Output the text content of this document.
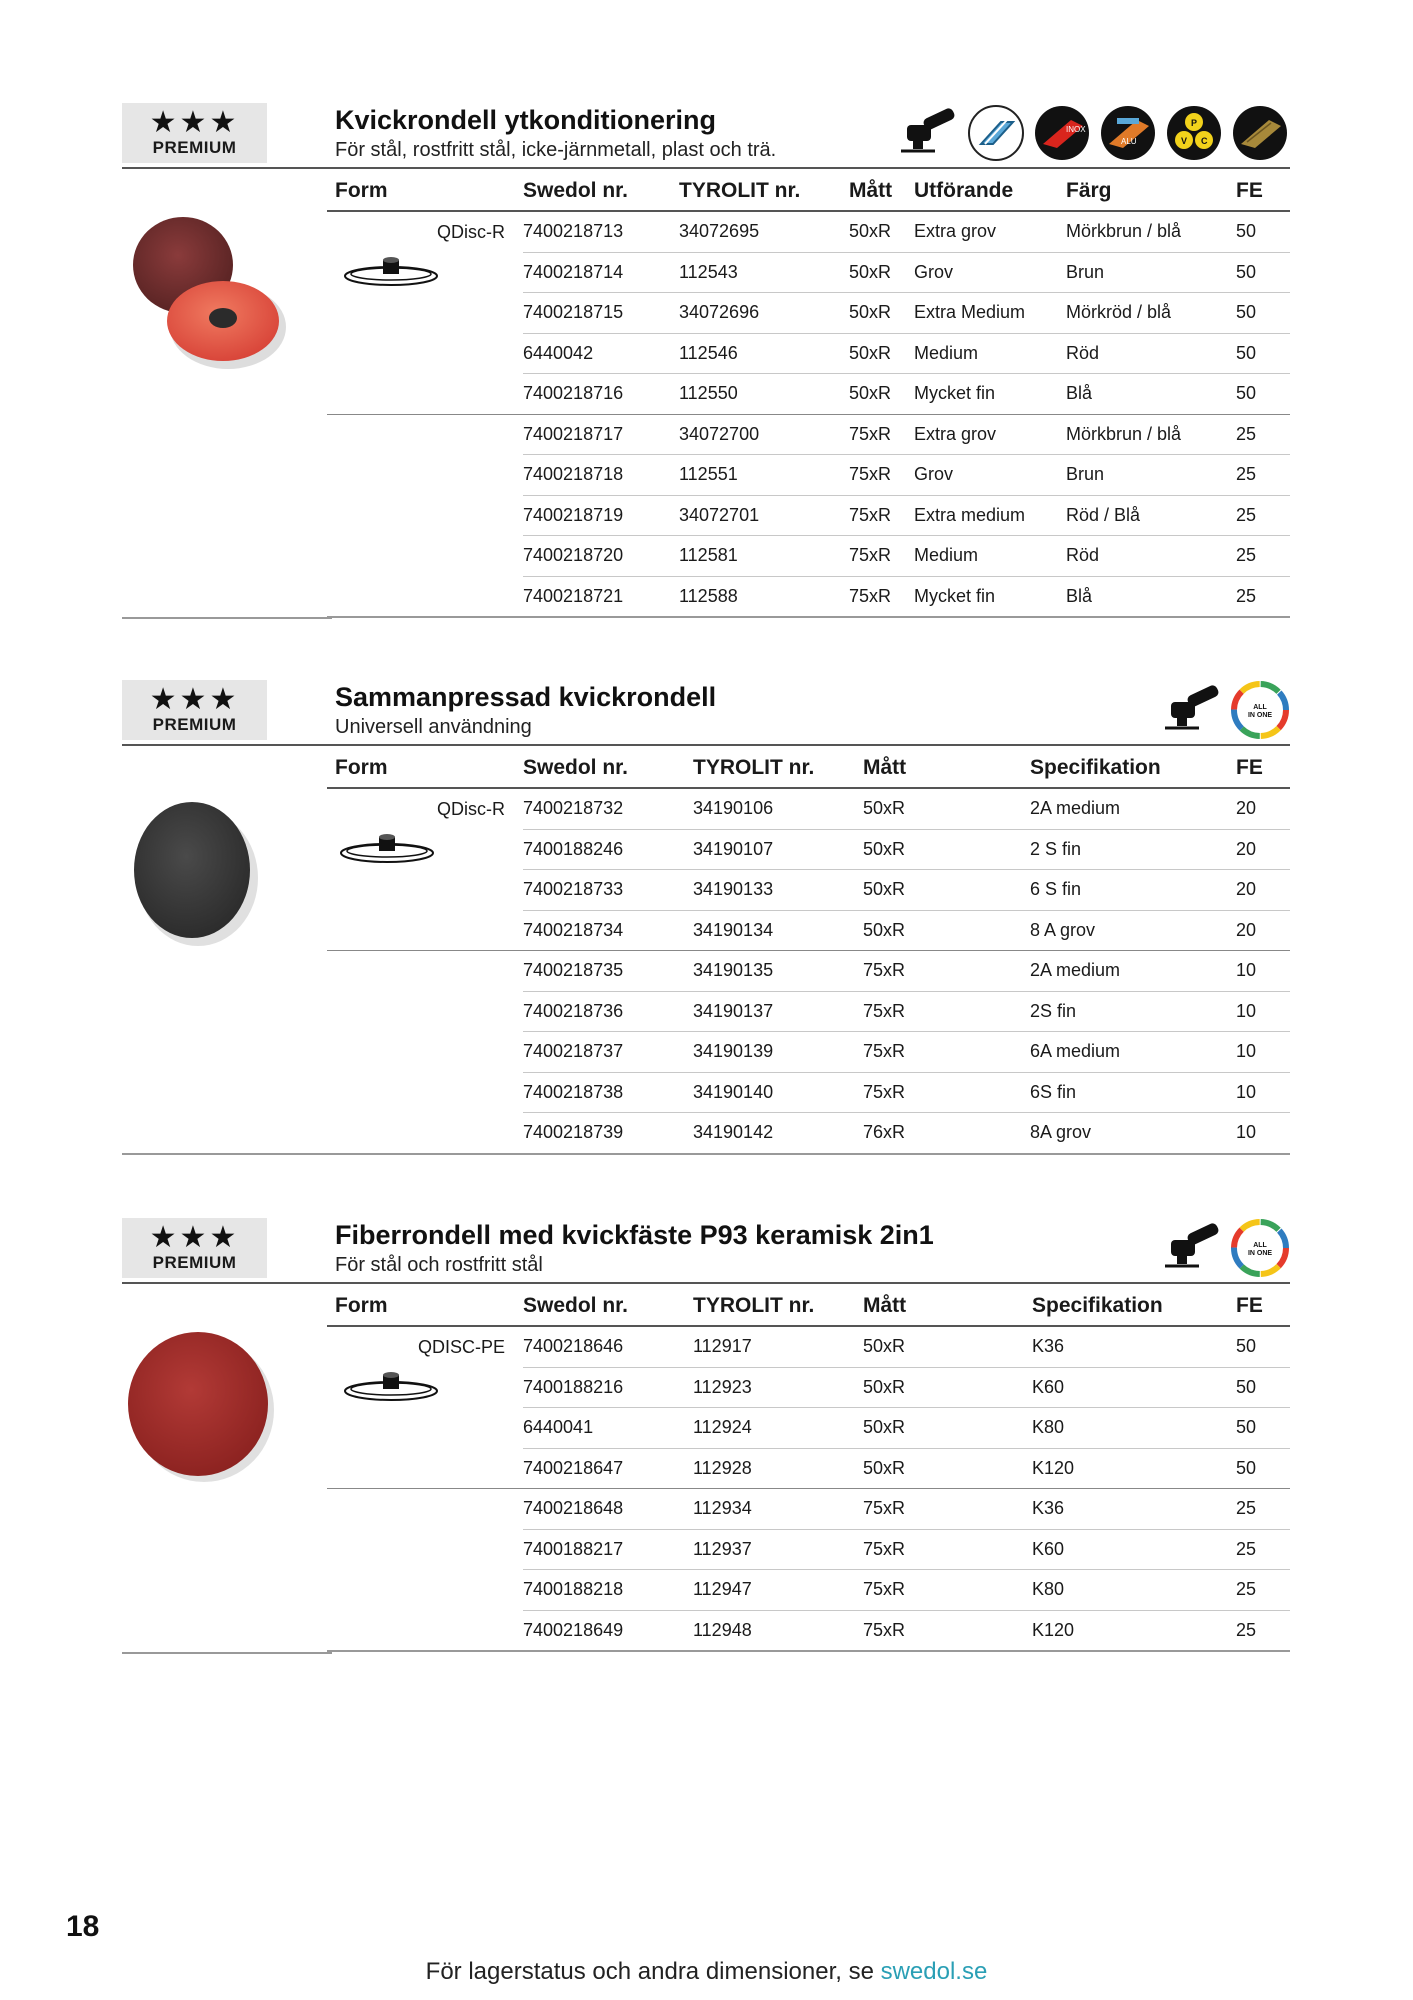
★★★
PREMIUM
Kvickrondell ytkonditionering
För stål, rostfritt stål, icke-järnmetall, plast och trä.
INOX
ALU
P
V C
Form	Swedol nr.	TYROLIT nr.	Mått	Utförande	Färg	FE
QDisc-R	7400218713	34072695	50xR	Extra grov	Mörkbrun / blå	50
	7400218714	112543	50xR	Grov	Brun	50
	7400218715	34072696	50xR	Extra Medium	Mörkröd / blå	50
	6440042	112546	50xR	Medium	Röd	50
	7400218716	112550	50xR	Mycket fin	Blå	50
	7400218717	34072700	75xR	Extra grov	Mörkbrun / blå	25
	7400218718	112551	75xR	Grov	Brun	25
	7400218719	34072701	75xR	Extra medium	Röd / Blå	25
	7400218720	112581	75xR	Medium	Röd	25
	7400218721	112588	75xR	Mycket fin	Blå	25
★★★
PREMIUM
Sammanpressad kvickrondell
Universell användning
ALL
IN ONE
Form	Swedol nr.	TYROLIT nr.	Mått	Specifikation	FE
QDisc-R	7400218732	34190106	50xR	2A medium	20
	7400188246	34190107	50xR	2 S fin	20
	7400218733	34190133	50xR	6 S fin	20
	7400218734	34190134	50xR	8 A grov	20
	7400218735	34190135	75xR	2A medium	10
	7400218736	34190137	75xR	2S fin	10
	7400218737	34190139	75xR	6A medium	10
	7400218738	34190140	75xR	6S fin	10
	7400218739	34190142	76xR	8A grov	10
★★★
PREMIUM
Fiberrondell med kvickfäste P93 keramisk 2in1
För stål och rostfritt stål
ALL
IN ONE
Form	Swedol nr.	TYROLIT nr.	Mått	Specifikation	FE
QDISC-PE	7400218646	112917	50xR	K36	50
	7400188216	112923	50xR	K60	50
	6440041	112924	50xR	K80	50
	7400218647	112928	50xR	K120	50
	7400218648	112934	75xR	K36	25
	7400188217	112937	75xR	K60	25
	7400188218	112947	75xR	K80	25
	7400218649	112948	75xR	K120	25
18
För lagerstatus och andra dimensioner, se swedol.se
